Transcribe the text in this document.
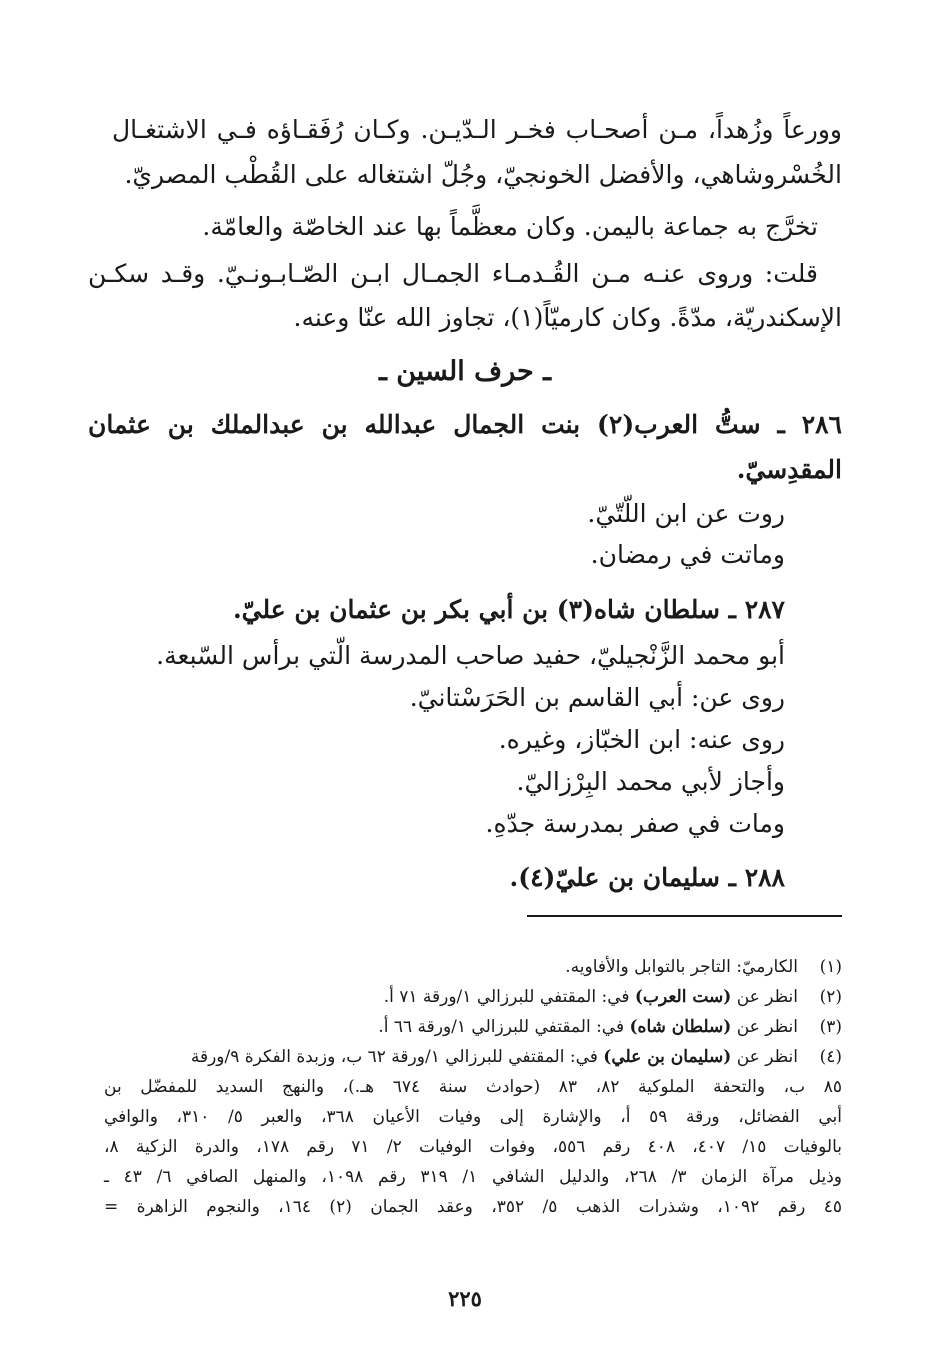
وورعاً وزُهداً، مـن أصحـاب فخـر الـدّيـن. وكـان رُفَقـاؤه فـي الاشتغـال
الخُسْروشاهي، والأفضل الخونجيّ، وجُلّ اشتغاله على القُطْب المصريّ.
تخرَّج به جماعة باليمن. وكان معظَّماً بها عند الخاصّة والعامّة.
قلت: وروى عنـه مـن القُـدمـاء الجمـال ابـن الصّـابـونـيّ. وقـد سكـن
الإسكندريّة، مدّةً. وكان كارميّاً(١)، تجاوز الله عنّا وعنه.
ـ حرف السين ـ
٢٨٦ ـ ستُّ العرب(٢) بنت الجمال عبدالله بن عبدالملك بن عثمان
المقدِسيّ.
روت عن ابن اللّتّيّ.
وماتت في رمضان.
٢٨٧ ـ سلطان شاه(٣) بن أبي بكر بن عثمان بن عليّ.
أبو محمد الزَّنْجيليّ، حفيد صاحب المدرسة الّتي برأس السّبعة.
روى عن: أبي القاسم بن الحَرَسْتانيّ.
روى عنه: ابن الخبّاز، وغيره.
وأجاز لأبي محمد البِرْزاليّ.
ومات في صفر بمدرسة جدّهِ.
٢٨٨ ـ سليمان بن عليّ(٤).
(١)الكارميّ: التاجر بالتوابل والأفاويه.
(٢)انظر عن (ست العرب) في: المقتفي للبرزالي ١/ورقة ٧١ أ.
(٣)انظر عن (سلطان شاه) في: المقتفي للبرزالي ١/ورقة ٦٦ أ.
(٤)انظر عن (سليمان بن علي) في: المقتفي للبرزالي ١/ورقة ٦٢ ب، وزبدة الفكرة ٩/ورقة
٨٥ ب، والتحفة الملوكية ٨٢، ٨٣ (حوادث سنة ٦٧٤ هـ.)، والنهج السديد للمفضّل بن
أبي الفضائل، ورقة ٥٩ أ، والإشارة إلى وفيات الأعيان ٣٦٨، والعبر ٥/ ٣١٠، والوافي
بالوفيات ١٥/ ٤٠٧، ٤٠٨ رقم ٥٥٦، وفوات الوفيات ٢/ ٧١ رقم ١٧٨، والدرة الزكية ٨،
وذيل مرآة الزمان ٣/ ٢٦٨، والدليل الشافي ١/ ٣١٩ رقم ١٠٩٨، والمنهل الصافي ٦/ ٤٣ ـ
٤٥ رقم ١٠٩٢، وشذرات الذهب ٥/ ٣٥٢، وعقد الجمان (٢) ١٦٤، والنجوم الزاهرة =
٢٢٥
